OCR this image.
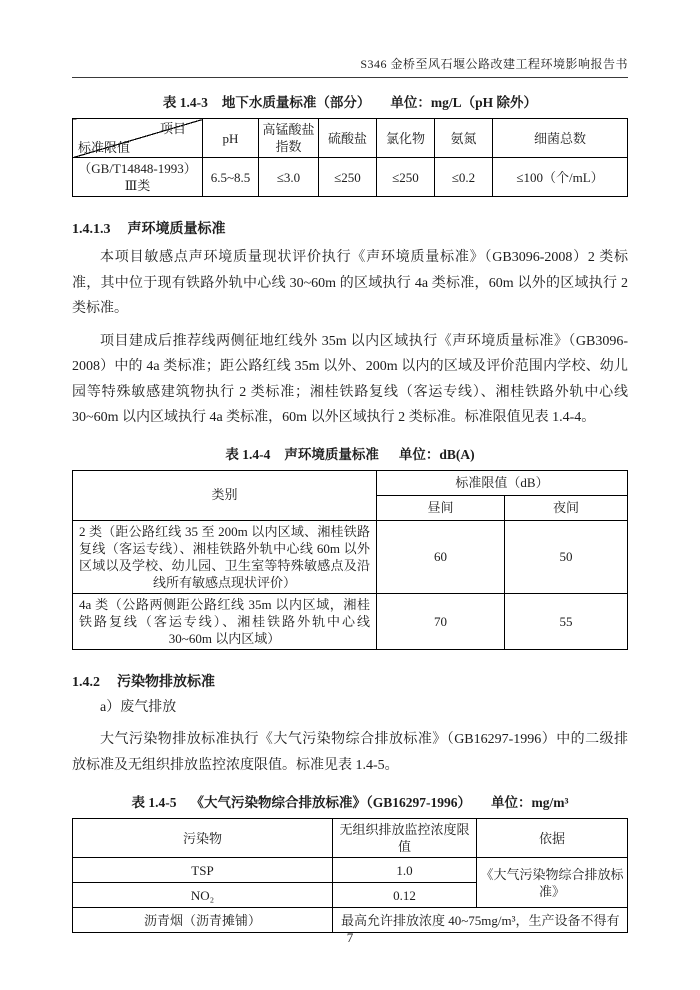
S346 金桥至风石堰公路改建工程环境影响报告书
表 1.4-3 地下水质量标准（部分） 单位：mg/L（pH 除外）
项目
标准限值	pH	高锰酸盐指数	硫酸盐	氯化物	氨氮	细菌总数
（GB/T14848-1993）Ⅲ类	6.5~8.5	≤3.0	≤250	≤250	≤0.2	≤100（个/mL）
1.4.1.3 声环境质量标准

本项目敏感点声环境质量现状评价执行《声环境质量标准》（GB3096-2008）2 类标准，其中位于现有铁路外轨中心线 30~60m 的区域执行 4a 类标准，60m 以外的区域执行 2 类标准。

项目建成后推荐线两侧征地红线外 35m 以内区域执行《声环境质量标准》（GB3096-2008）中的 4a 类标准；距公路红线 35m 以外、200m 以内的区域及评价范围内学校、幼儿园等特殊敏感建筑物执行 2 类标准；湘桂铁路复线（客运专线）、湘桂铁路外轨中心线 30~60m 以内区域执行 4a 类标准，60m 以外区域执行 2 类标准。标准限值见表 1.4-4。

表 1.4-4 声环境质量标准 单位：dB(A)
类别	标准限值（dB）	
	昼间	夜间
2 类（距公路红线 35 至 200m 以内区域、湘桂铁路复线（客运专线）、湘桂铁路外轨中心线 60m 以外区域以及学校、幼儿园、卫生室等特殊敏感点及沿线所有敏感点现状评价）	60	50
4a 类（公路两侧距公路红线 35m 以内区域，湘桂铁路复线（客运专线）、湘桂铁路外轨中心线 30~60m 以内区域）	70	55
1.4.2 污染物排放标准
a）废气排放

大气污染物排放标准执行《大气污染物综合排放标准》（GB16297-1996）中的二级排放标准及无组织排放监控浓度限值。标准见表 1.4-5。

表 1.4-5 《大气污染物综合排放标准》（GB16297-1996） 单位：mg/m³
污染物	无组织排放监控浓度限值	依据
TSP	1.0	《大气污染物综合排放标准》
NO₂	0.12	
沥青烟（沥青摊铺）	最高允许排放浓度 40~75mg/m³，生产设备不得有	
7
